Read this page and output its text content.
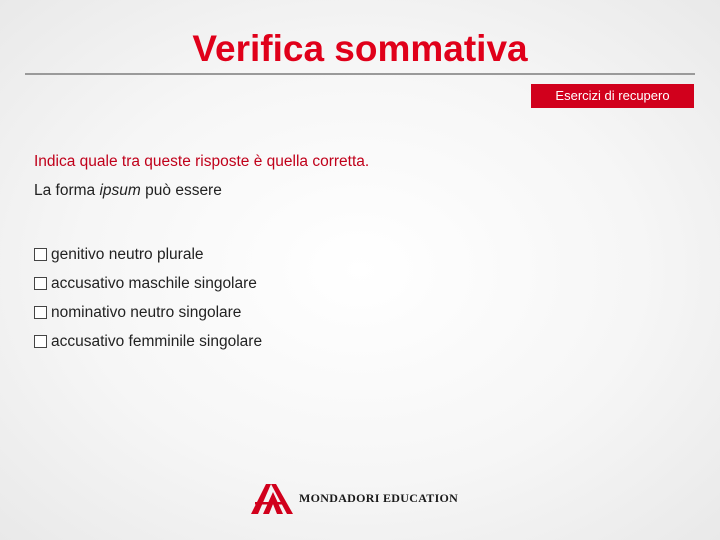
Verifica sommativa
Esercizi di recupero
Indica quale tra queste risposte è quella corretta.
La forma ipsum può essere
genitivo neutro plurale
accusativo maschile singolare
nominativo neutro singolare
accusativo femminile singolare
MONDADORI EDUCATION
